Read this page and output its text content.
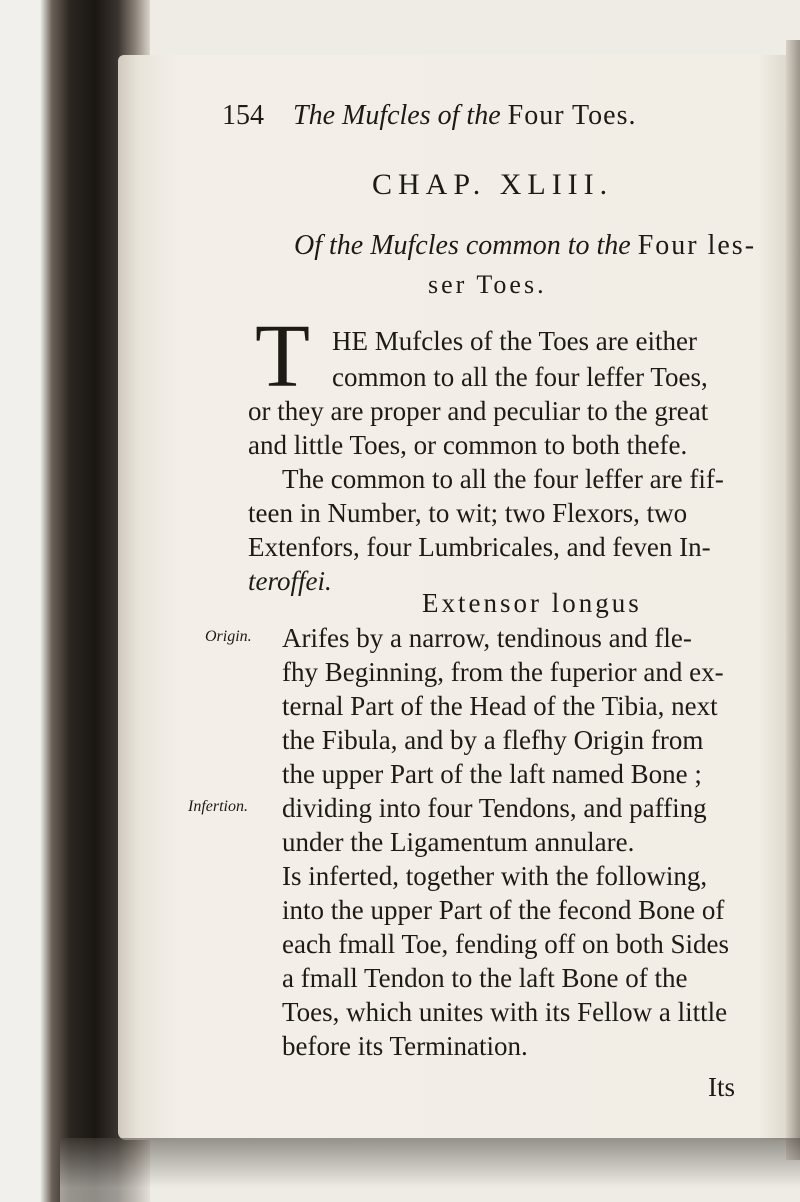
154 The Mufcles of the Four Toes.
CHAP. XLIII.
Of the Mufcles common to the Four les-
ser Toes.
T HE Mufcles of the Toes are either
common to all the four leffer Toes,
or they are proper and peculiar to the great
and little Toes, or common to both thefe.
The common to all the four leffer are fif-
teen in Number, to wit; two Flexors, two
Extenfors, four Lumbricales, and feven In-
teroffei.
Extensor longus
Origin.
Infertion.
Arifes by a narrow, tendinous and fle-
fhy Beginning, from the fuperior and ex-
ternal Part of the Head of the Tibia, next
the Fibula, and by a flefhy Origin from
the upper Part of the laft named Bone ;
dividing into four Tendons, and paffing
under the Ligamentum annulare.
Is inferted, together with the following,
into the upper Part of the fecond Bone of
each fmall Toe, fending off on both Sides
a fmall Tendon to the laft Bone of the
Toes, which unites with its Fellow a little
before its Termination.
Its
